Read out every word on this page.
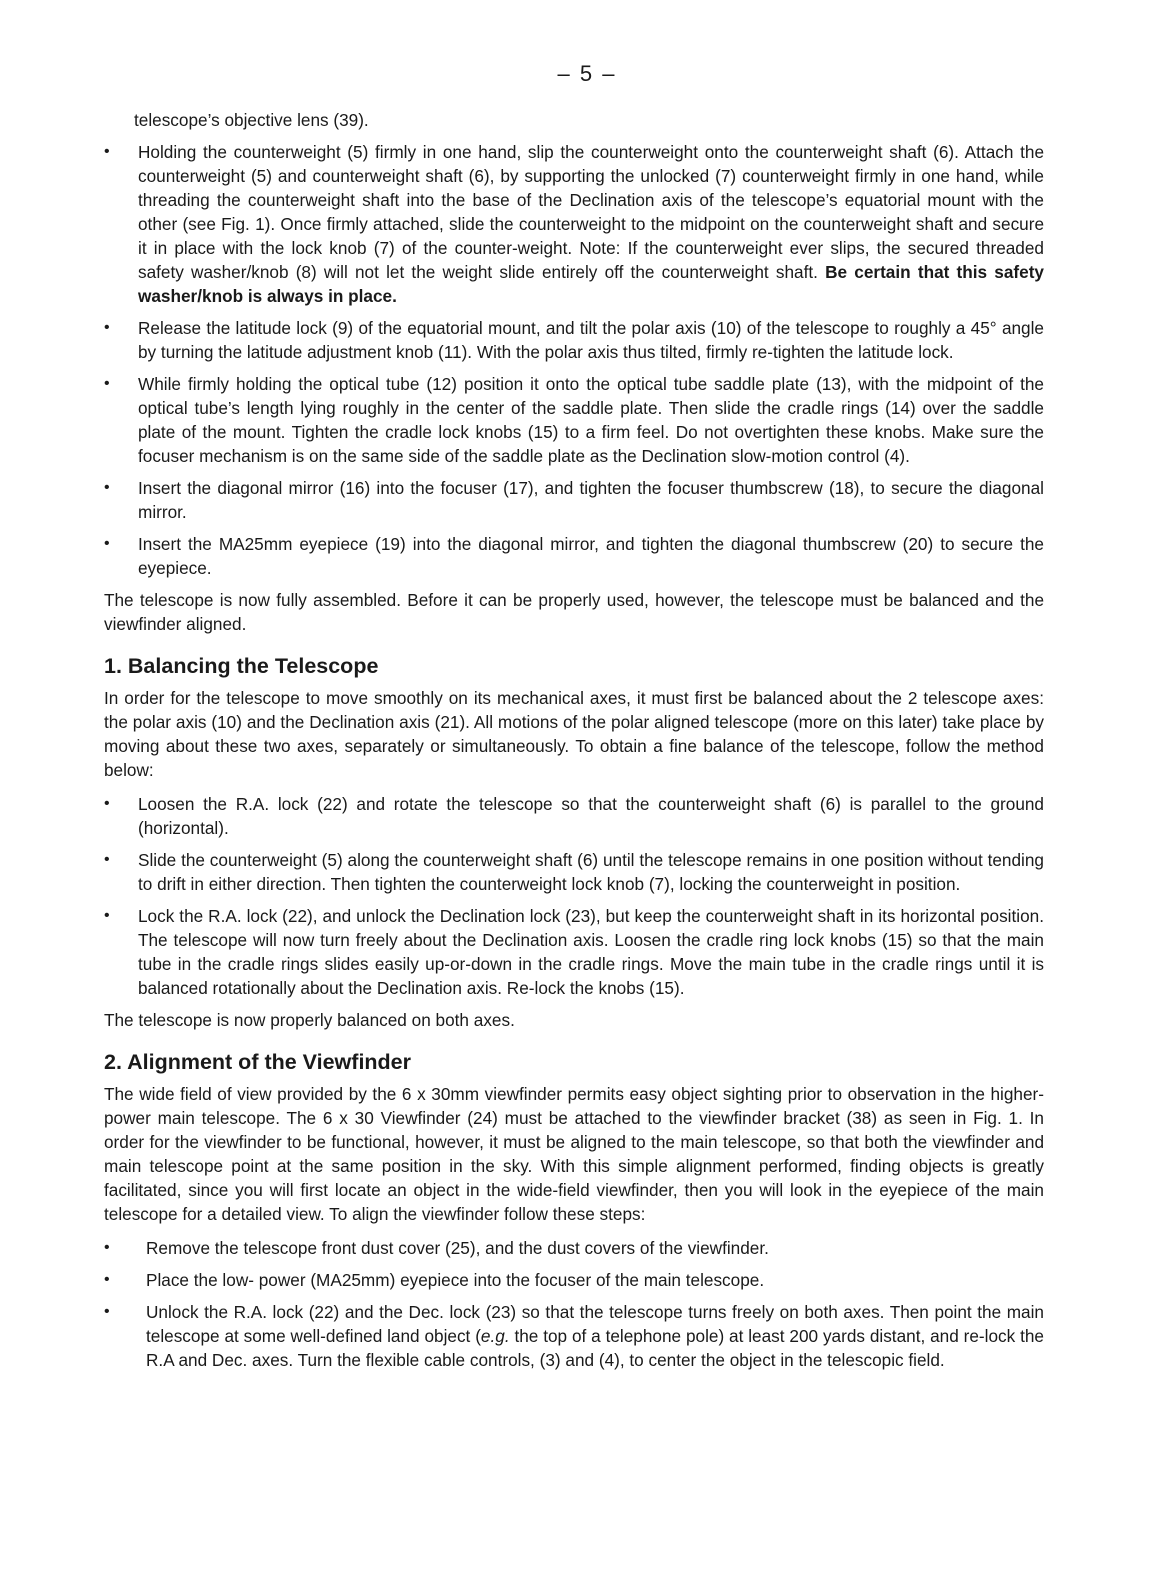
– 5 –

telescope’s objective lens (39).

• Holding the counterweight (5) firmly in one hand, slip the counterweight onto the counterweight shaft (6). Attach the counterweight (5) and counterweight shaft (6), by supporting the unlocked (7) counterweight firmly in one hand, while threading the counterweight shaft into the base of the Declination axis of the telescope’s equatorial mount with the other (see Fig. 1). Once firmly attached, slide the counterweight to the midpoint on the counterweight shaft and secure it in place with the lock knob (7) of the counter-weight. Note: If the counterweight ever slips, the secured threaded safety washer/knob (8) will not let the weight slide entirely off the counterweight shaft. Be certain that this safety washer/knob is always in place.
• Release the latitude lock (9) of the equatorial mount, and tilt the polar axis (10) of the telescope to roughly a 45° angle by turning the latitude adjustment knob (11). With the polar axis thus tilted, firmly re-tighten the latitude lock.
• While firmly holding the optical tube (12) position it onto the optical tube saddle plate (13), with the midpoint of the optical tube’s length lying roughly in the center of the saddle plate. Then slide the cradle rings (14) over the saddle plate of the mount. Tighten the cradle lock knobs (15) to a firm feel. Do not overtighten these knobs. Make sure the focuser mechanism is on the same side of the saddle plate as the Declination slow-motion control (4).
• Insert the diagonal mirror (16) into the focuser (17), and tighten the focuser thumbscrew (18), to secure the diagonal mirror.
• Insert the MA25mm eyepiece (19) into the diagonal mirror, and tighten the diagonal thumbscrew (20) to secure the eyepiece.

The telescope is now fully assembled. Before it can be properly used, however, the telescope must be balanced and the viewfinder aligned.

1. Balancing the Telescope

In order for the telescope to move smoothly on its mechanical axes, it must first be balanced about the 2 telescope axes: the polar axis (10) and the Declination axis (21). All motions of the polar aligned telescope (more on this later) take place by moving about these two axes, separately or simultaneously. To obtain a fine balance of the telescope, follow the method below:

• Loosen the R.A. lock (22) and rotate the telescope so that the counterweight shaft (6) is parallel to the ground (horizontal).
• Slide the counterweight (5) along the counterweight shaft (6) until the telescope remains in one position without tending to drift in either direction. Then tighten the counterweight lock knob (7), locking the counterweight in position.
• Lock the R.A. lock (22), and unlock the Declination lock (23), but keep the counterweight shaft in its horizontal position. The telescope will now turn freely about the Declination axis. Loosen the cradle ring lock knobs (15) so that the main tube in the cradle rings slides easily up-or-down in the cradle rings. Move the main tube in the cradle rings until it is balanced rotationally about the Declination axis. Re-lock the knobs (15).

The telescope is now properly balanced on both axes.

2. Alignment of the Viewfinder

The wide field of view provided by the 6 x 30mm viewfinder permits easy object sighting prior to observation in the higher-power main telescope. The 6 x 30 Viewfinder (24) must be attached to the viewfinder bracket (38) as seen in Fig. 1. In order for the viewfinder to be functional, however, it must be aligned to the main telescope, so that both the viewfinder and main telescope point at the same position in the sky. With this simple alignment performed, finding objects is greatly facilitated, since you will first locate an object in the wide-field viewfinder, then you will look in the eyepiece of the main telescope for a detailed view. To align the viewfinder follow these steps:

• Remove the telescope front dust cover (25), and the dust covers of the viewfinder.
• Place the low- power (MA25mm) eyepiece into the focuser of the main telescope.
• Unlock the R.A. lock (22) and the Dec. lock (23) so that the telescope turns freely on both axes. Then point the main telescope at some well-defined land object (e.g. the top of a telephone pole) at least 200 yards distant, and re-lock the R.A and Dec. axes. Turn the flexible cable controls, (3) and (4), to center the object in the telescopic field.
